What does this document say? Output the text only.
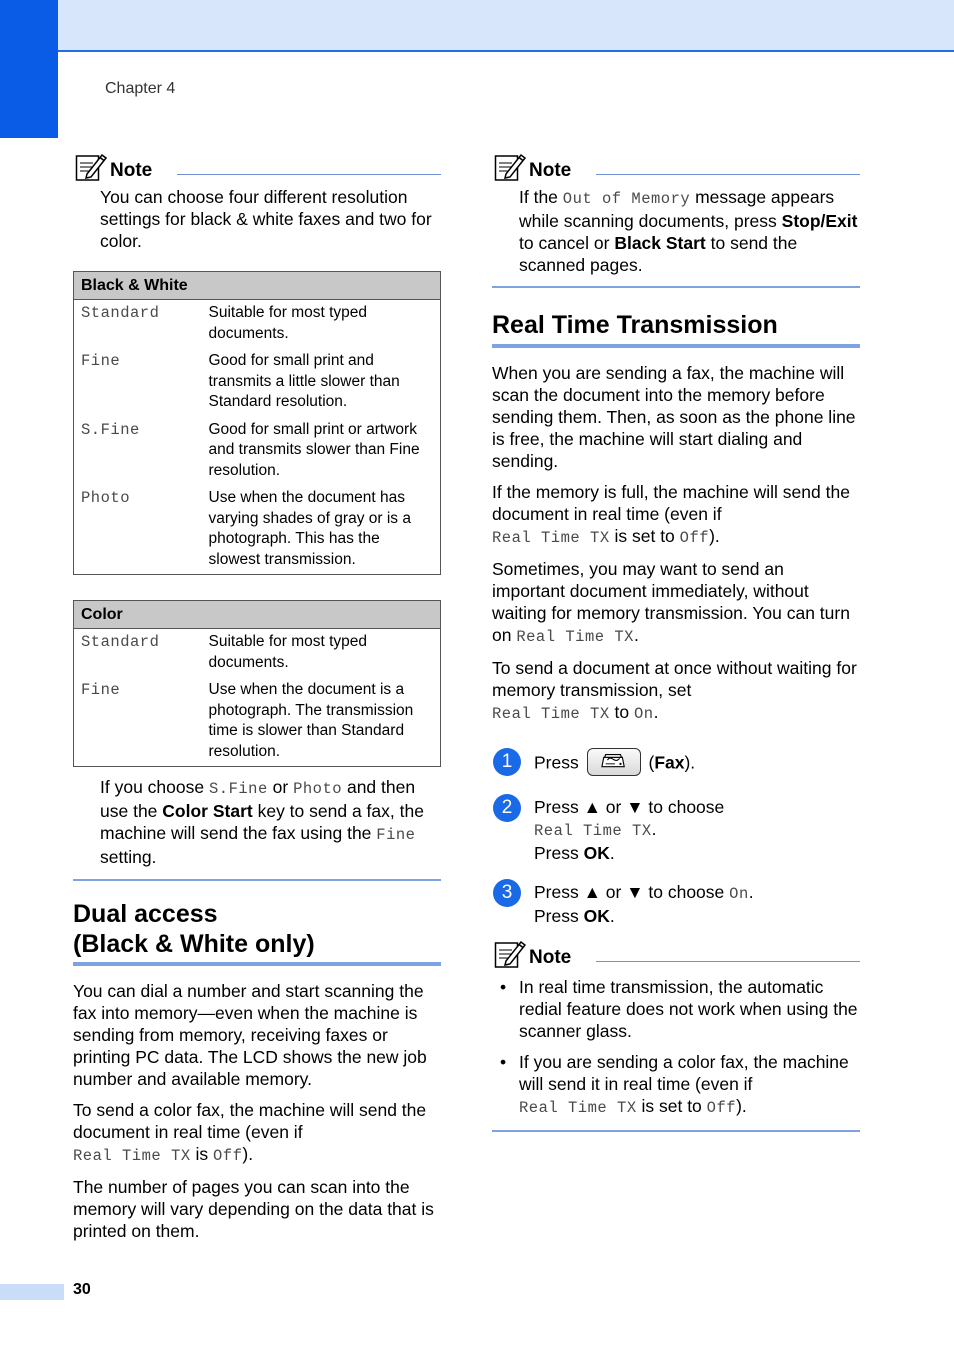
Chapter 4
Note

You can choose four different resolution settings for black & white faxes and two for color.

Black & White	
Standard	Suitable for most typed documents.
Fine	Good for small print and transmits a little slower than Standard resolution.
S.Fine	Good for small print or artwork and transmits slower than Fine resolution.
Photo	Use when the document has varying shades of gray or is a photograph. This has the slowest transmission.
Color	
Standard	Suitable for most typed documents.
Fine	Use when the document is a photograph. The transmission time is slower than Standard resolution.

If you choose S.Fine or Photo and then use the Color Start key to send a fax, the machine will send the fax using the Fine setting.

Dual access
(Black & White only)

You can dial a number and start scanning the fax into memory—even when the machine is sending from memory, receiving faxes or printing PC data. The LCD shows the new job number and available memory.

To send a color fax, the machine will send the document in real time (even if
Real Time TX is Off).

The number of pages you can scan into the memory will vary depending on the data that is printed on them.

Note

If the Out of Memory message appears while scanning documents, press Stop/Exit to cancel or Black Start to send the scanned pages.

Real Time Transmission

When you are sending a fax, the machine will scan the document into the memory before sending them. Then, as soon as the phone line is free, the machine will start dialing and sending.

If the memory is full, the machine will send the document in real time (even if
Real Time TX is set to Off).

Sometimes, you may want to send an important document immediately, without waiting for memory transmission. You can turn on Real Time TX.

To send a document at once without waiting for memory transmission, set
Real Time TX to On.

1	Press	(Fax).
2	Press ▲ or ▼ to choose
Real Time TX.
Press OK.
3	Press ▲ or ▼ to choose On.
Press OK.
Note
• In real time transmission, the automatic redial feature does not work when using the scanner glass.
• If you are sending a color fax, the machine will send it in real time (even if
Real Time TX is set to Off).
30
